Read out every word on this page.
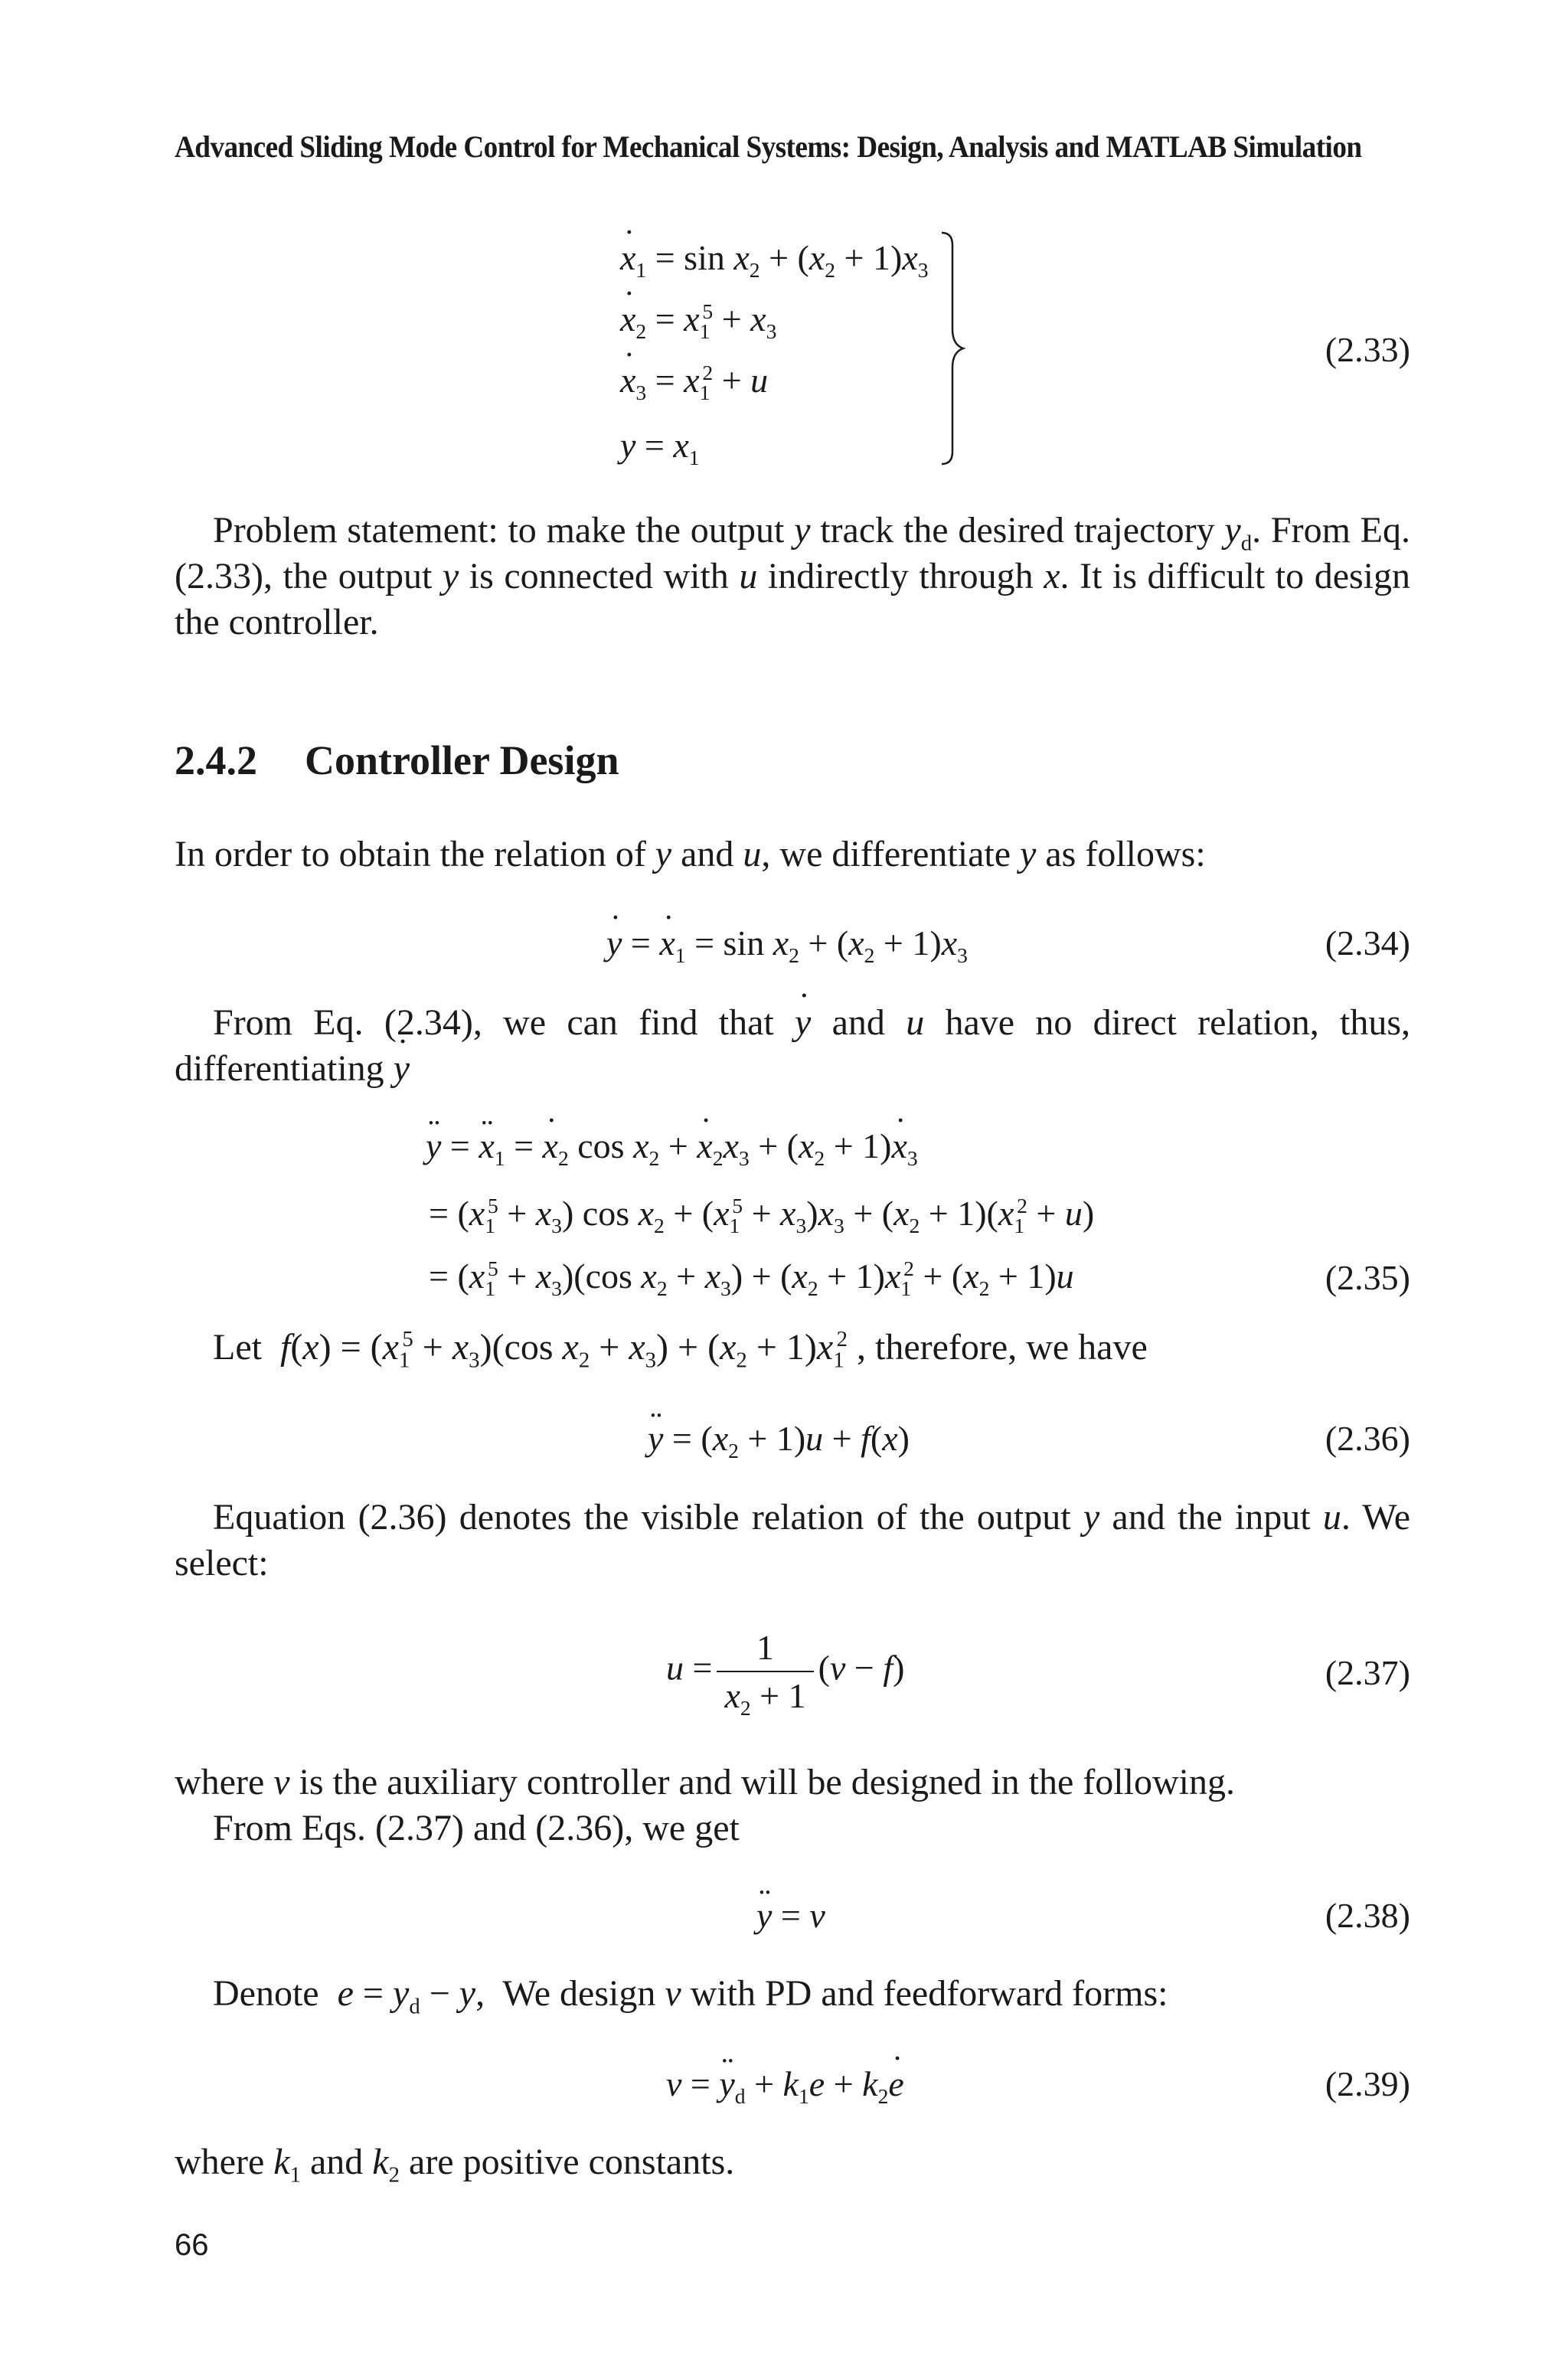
Advanced Sliding Mode Control for Mechanical Systems: Design, Analysis and MATLAB Simulation
x $˙_1 = \sin x_2 + (x_2 + 1)x_3$
x $˙_2 = x_1^5 + x_3$
x $˙_3 = x_1^2 + u$
$y = x_1$
(2.33)
Problem statement: to make the output y track the desired trajectory $y_d$. From Eq. (2.33), the output y is connected with u indirectly through x. It is difficult to design the controller.
2.4.2 Controller Design
In order to obtain the relation of y and u, we differentiate y as follows:
y ˙ = x $˙_1 = \sin x_2 + (x_2 + 1)x_3$	(2.34)
From Eq. (2.34), we can find that y ˙ and u have no direct relation, thus, differentiating y ˙
y ¨ = x $¨_1 = x$ $˙_2$ $\cos x_2 + x$ $˙_2x_3 + (x_2 + 1)x$ $˙_3$
= $(x_1^5 + x_3)$ $\cos x_2 + (x_1^5 + x_3)x_3 + (x_2 + 1)(x_1^2 + u)$
= $(x_1^5 + x_3)(\cos$ $x_2 + x_3) + (x_2 + 1)x_1^2 + (x_2 + 1)u$	(2.35)
Let  $f(x) = (x_1^5 + x_3)(\cos$ $x_2 + x_3) + (x_2 + 1)x_1^2$ , therefore, we have
y ¨ = $(x_2 + 1)u + f(x)$	(2.36)
Equation (2.36) denotes the visible relation of the output y and the input u. We select:
$u = \frac{1}{x_2 + 1} (v - f)$	(2.37)
where v is the auxiliary controller and will be designed in the following.
From Eqs. (2.37) and (2.36), we get
y ¨ = v	(2.38)
Denote  $e = y_d - y$,  We design v with PD and feedforward forms:
v = y $¨_d + k_1e + k_2e$ ˙	(2.39)
where $k_1$ and $k_2$ are positive constants.
66
